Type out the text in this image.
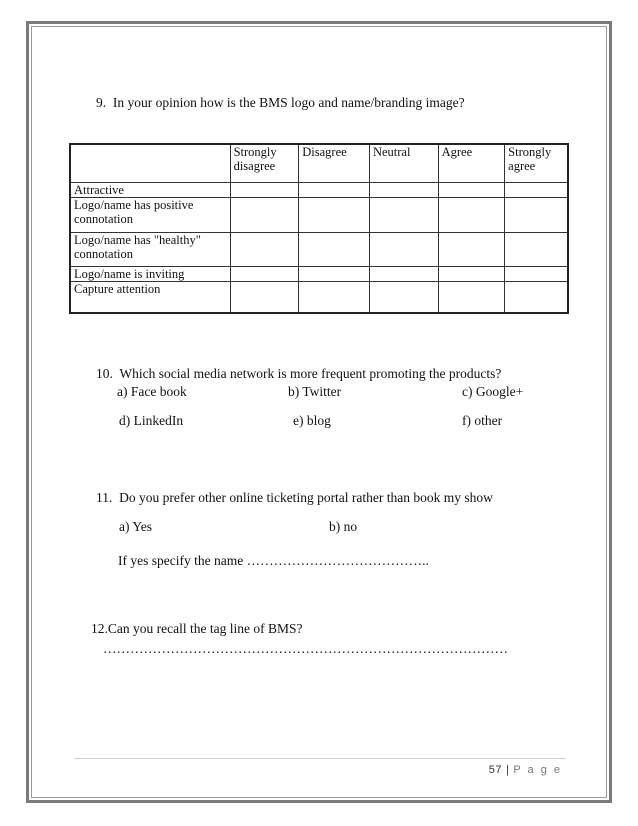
9. In your opinion how is the BMS logo and name/branding image?
	Strongly disagree	Disagree	Neutral	Agree	Strongly agree
Attractive					
Logo/name has positive connotation					
Logo/name has "healthy" connotation					
Logo/name is inviting					
Capture attention					
10. Which social media network is more frequent promoting the products?
a) Face book	b) Twitter	c) Google+
d) LinkedIn	e) blog	f) other
11. Do you prefer other online ticketing portal rather than book my show
a) Yes	b) no
If yes specify the name …………………………………..
12.Can you recall the tag line of BMS?
………………………………………………………………………………
57 | P a g e
